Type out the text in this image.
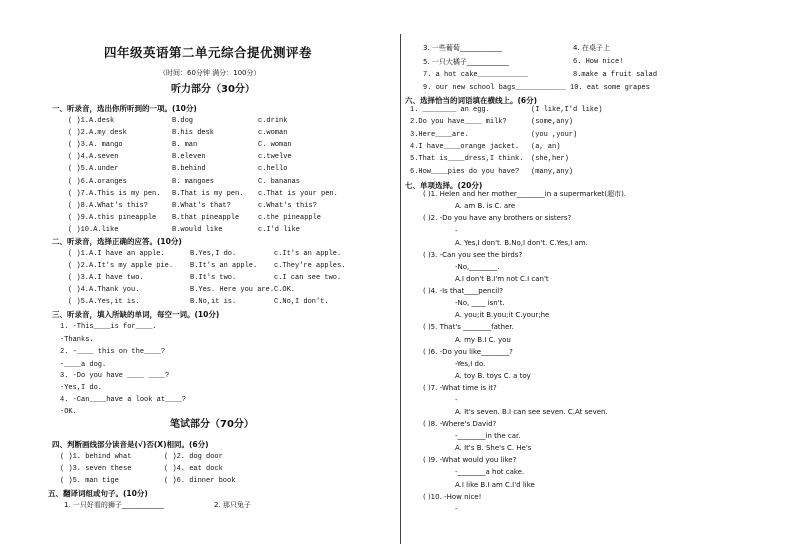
四年级英语第二单元综合提优测评卷
（时间：60分钟 满分：100分）
听力部分（30分）
一、听录音，选出你所听到的一项。(10分)
( )1.A.desk	B.dog	c.drink
( )2.A.my desk	B.his desk	c.woman
( )3.A. mango	B. man	C. woman
( )4.A.seven	B.eleven	c.twelve
( )5.A.under	B.behind	c.hello
( )6.A.oranges	B. mangoes	C. bananas
( )7.A.This is my pen. B.That is my pen. c.That is your pen.
( )8.A.What's this?	B.What's that?	c.What's this?
( )9.A.this pineapple B.that pineapple	c.the pineapple
( )10.A.like	B.would like	c.I'd like
二、听录音，选择正确的应答。(10分)
( )1.A.I have an apple.	B.Yes,I do.	c.It's an apple.
( )2.A.It's my apple pie. B.It's an apple. c.They're apples.
( )3.A.I have two.	B.It's two.	c.I can see two.
( )4.A.Thank you.	B.Yes. Here you are. C.OK.
( )5.A.Yes,it is.	B.No,it is.	C.No,I don't.
三、听录音，填入所缺的单词，每空一词。(10分)
1. -This____is for____.
-Thanks.
2. -____ this on the____?
-____a dog.
3. -Do you have ____ ____?
-Yes,I do.
4. -Can____have a look at____?
-OK.
笔试部分（70分）
四、判断画线部分读音是(√)否(X)相同。(6分)
( )1. behind what	( )2. dog door
( )3. seven these	( )4. eat dock
( )5. man tige	( )6. dinner book
五、翻译词组或句子。(10分)
1. 一只好看的狮子____________	2. 那只兔子
3. 一些葡萄____________	4. 在桌子上
5. 一只大橘子____________	6. How nice!
7. a hot cake____________	8.make a fruit salad
9. our new school bags____________ 10. eat some grapes
六、选择恰当的词语填在横线上。(6分)
1. ________ an egg.	(I like,I'd like)
2.Do you have____ milk?	(some,any)
3.Here____are.	(you ,your)
4.I have____orange jacket. (a, an)
5.That is____dress,I think. (she,her)
6.How____pies do you have? (many,any)
七、单项选择。(20分)
( )1. Helen and her mother________in a supermarket(超市).
A. am B. is C. are
( )2. -Do you have any brothers or sisters?
-
A. Yes,I don't. B.No,I don't. C.Yes,I am.
( )3. -Can you see the birds?
-No,________.
A.I don't B.I'm not C.I can't
( )4. -Is that____pencil?
-No, ____ isn't.
A. you;it B.you;it C.your;he
( )5. That's ________father.
A. my B.I C. you
( )6. -Do you like________?
-Yes,I do.
A. toy B. toys C. a toy
( )7. -What time is it?
-
A. It's seven. B.I can see seven. C.At seven.
( )8. -Where's David?
-________in the car.
A. It's B. She's C. He's
( )9. -What would you like?
-________a hot cake.
A.I like B.I am C.I'd like
( )10. -How nice!
-
